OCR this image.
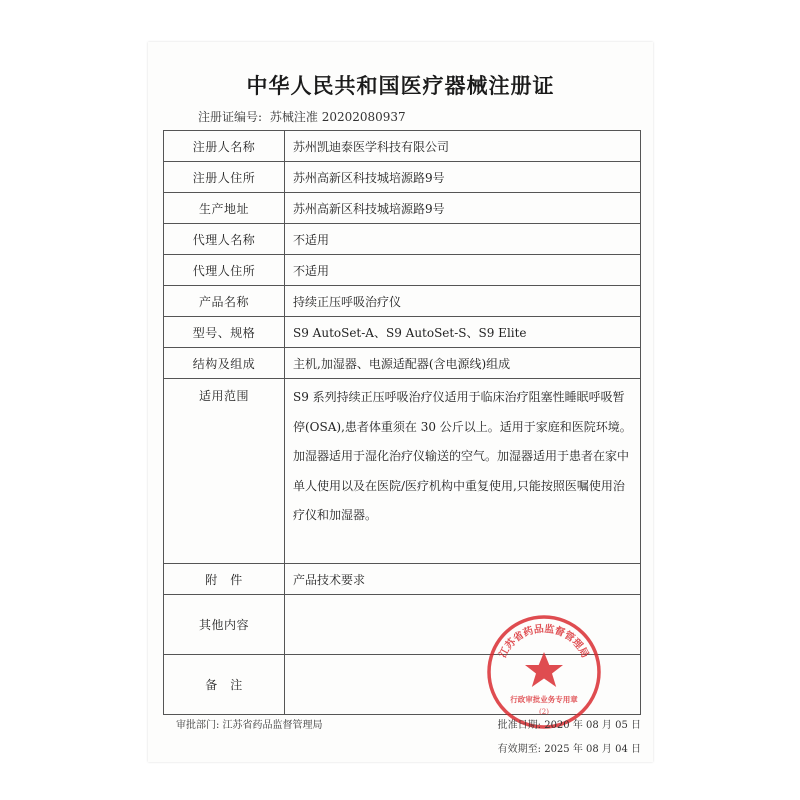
中华人民共和国医疗器械注册证
注册证编号: 苏械注准 20202080937
注册人名称	苏州凯迪泰医学科技有限公司
注册人住所	苏州高新区科技城培源路9号
生产地址	苏州高新区科技城培源路9号
代理人名称	不适用
代理人住所	不适用
产品名称	持续正压呼吸治疗仪
型号、规格	S9 AutoSet-A、S9 AutoSet-S、S9 Elite
结构及组成	主机,加湿器、电源适配器(含电源线)组成
适用范围	S9 系列持续正压呼吸治疗仪适用于临床治疗阻塞性睡眠呼吸暂停(OSA),患者体重须在 30 公斤以上。适用于家庭和医院环境。加湿器适用于湿化治疗仪输送的空气。加湿器适用于患者在家中单人使用以及在医院/医疗机构中重复使用,只能按照医嘱使用治疗仪和加湿器。
附　件	产品技术要求
其他内容	
备　注	
江苏省药品监督管理局
行政审批业务专用章
(2)
审批部门: 江苏省药品监督管理局	批准日期: 2020 年 08 月 05 日
有效期至: 2025 年 08 月 04 日
